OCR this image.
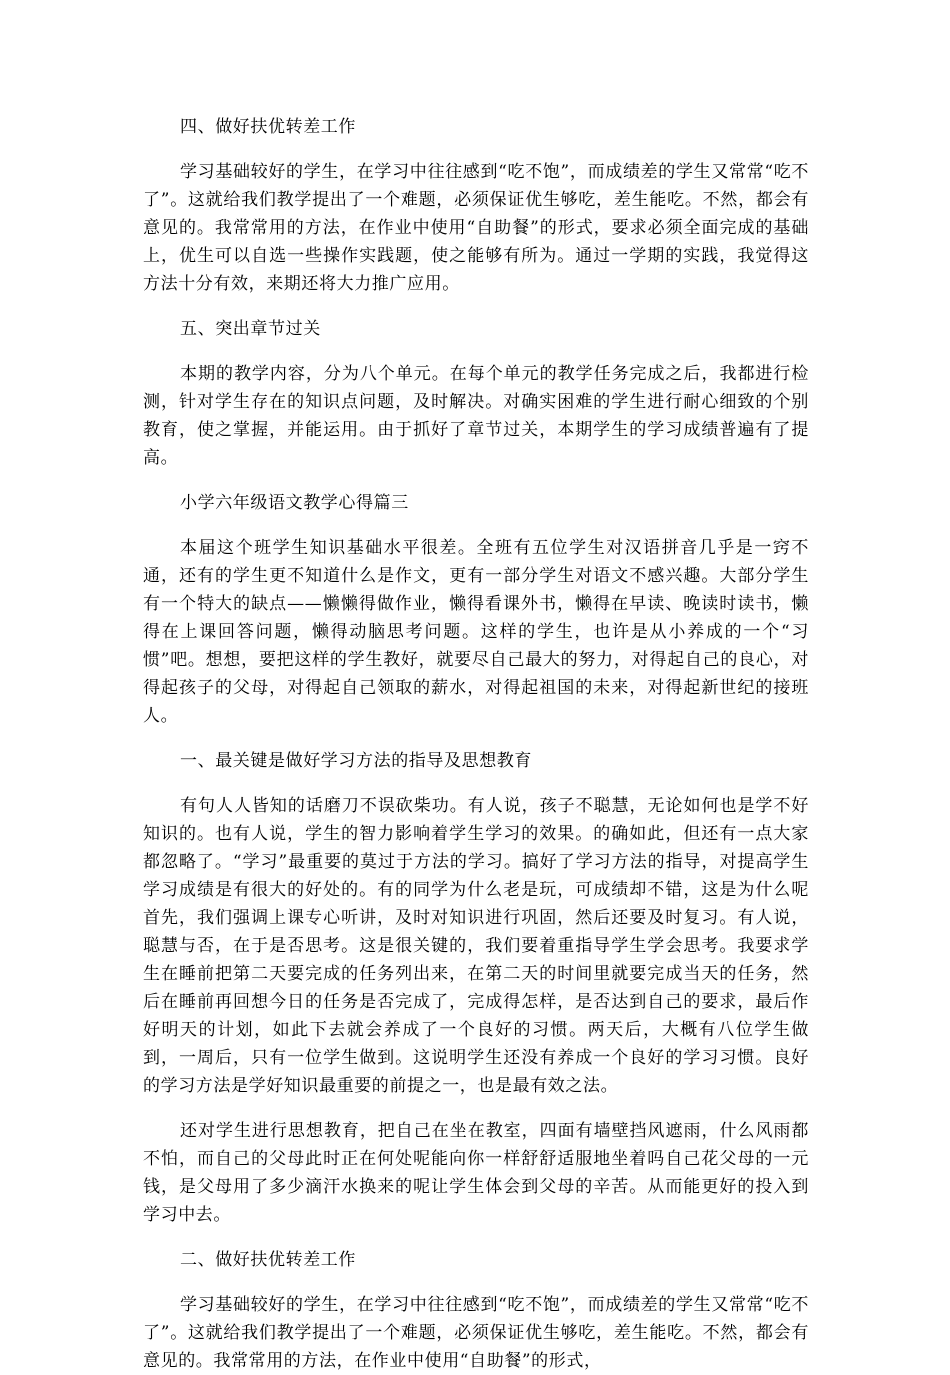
四、做好扶优转差工作

学习基础较好的学生，在学习中往往感到“吃不饱”，而成绩差的学生又常常“吃不了”。这就给我们教学提出了一个难题，必须保证优生够吃，差生能吃。不然，都会有意见的。我常常用的方法，在作业中使用“自助餐”的形式，要求必须全面完成的基础上，优生可以自选一些操作实践题，使之能够有所为。通过一学期的实践，我觉得这方法十分有效，来期还将大力推广应用。

五、突出章节过关

本期的教学内容，分为八个单元。在每个单元的教学任务完成之后，我都进行检测，针对学生存在的知识点问题，及时解决。对确实困难的学生进行耐心细致的个别教育，使之掌握，并能运用。由于抓好了章节过关，本期学生的学习成绩普遍有了提高。

小学六年级语文教学心得篇三

本届这个班学生知识基础水平很差。全班有五位学生对汉语拼音几乎是一窍不通，还有的学生更不知道什么是作文，更有一部分学生对语文不感兴趣。大部分学生有一个特大的缺点——懒懒得做作业，懒得看课外书，懒得在早读、晚读时读书，懒得在上课回答问题，懒得动脑思考问题。这样的学生，也许是从小养成的一个“习惯”吧。想想，要把这样的学生教好，就要尽自己最大的努力，对得起自己的良心，对得起孩子的父母，对得起自己领取的薪水，对得起祖国的未来，对得起新世纪的接班人。

一、最关键是做好学习方法的指导及思想教育

有句人人皆知的话磨刀不误砍柴功。有人说，孩子不聪慧，无论如何也是学不好知识的。也有人说，学生的智力影响着学生学习的效果。的确如此，但还有一点大家都忽略了。“学习”最重要的莫过于方法的学习。搞好了学习方法的指导，对提高学生学习成绩是有很大的好处的。有的同学为什么老是玩，可成绩却不错，这是为什么呢首先，我们强调上课专心听讲，及时对知识进行巩固，然后还要及时复习。有人说，聪慧与否，在于是否思考。这是很关键的，我们要着重指导学生学会思考。我要求学生在睡前把第二天要完成的任务列出来，在第二天的时间里就要完成当天的任务，然后在睡前再回想今日的任务是否完成了，完成得怎样，是否达到自己的要求，最后作好明天的计划，如此下去就会养成了一个良好的习惯。两天后，大概有八位学生做到，一周后，只有一位学生做到。这说明学生还没有养成一个良好的学习习惯。良好的学习方法是学好知识最重要的前提之一，也是最有效之法。

还对学生进行思想教育，把自己在坐在教室，四面有墙壁挡风遮雨，什么风雨都不怕，而自己的父母此时正在何处呢能向你一样舒舒适服地坐着吗自己花父母的一元钱，是父母用了多少滴汗水换来的呢让学生体会到父母的辛苦。从而能更好的投入到学习中去。

二、做好扶优转差工作

学习基础较好的学生，在学习中往往感到“吃不饱”，而成绩差的学生又常常“吃不了”。这就给我们教学提出了一个难题，必须保证优生够吃，差生能吃。不然，都会有意见的。我常常用的方法，在作业中使用“自助餐”的形式，
